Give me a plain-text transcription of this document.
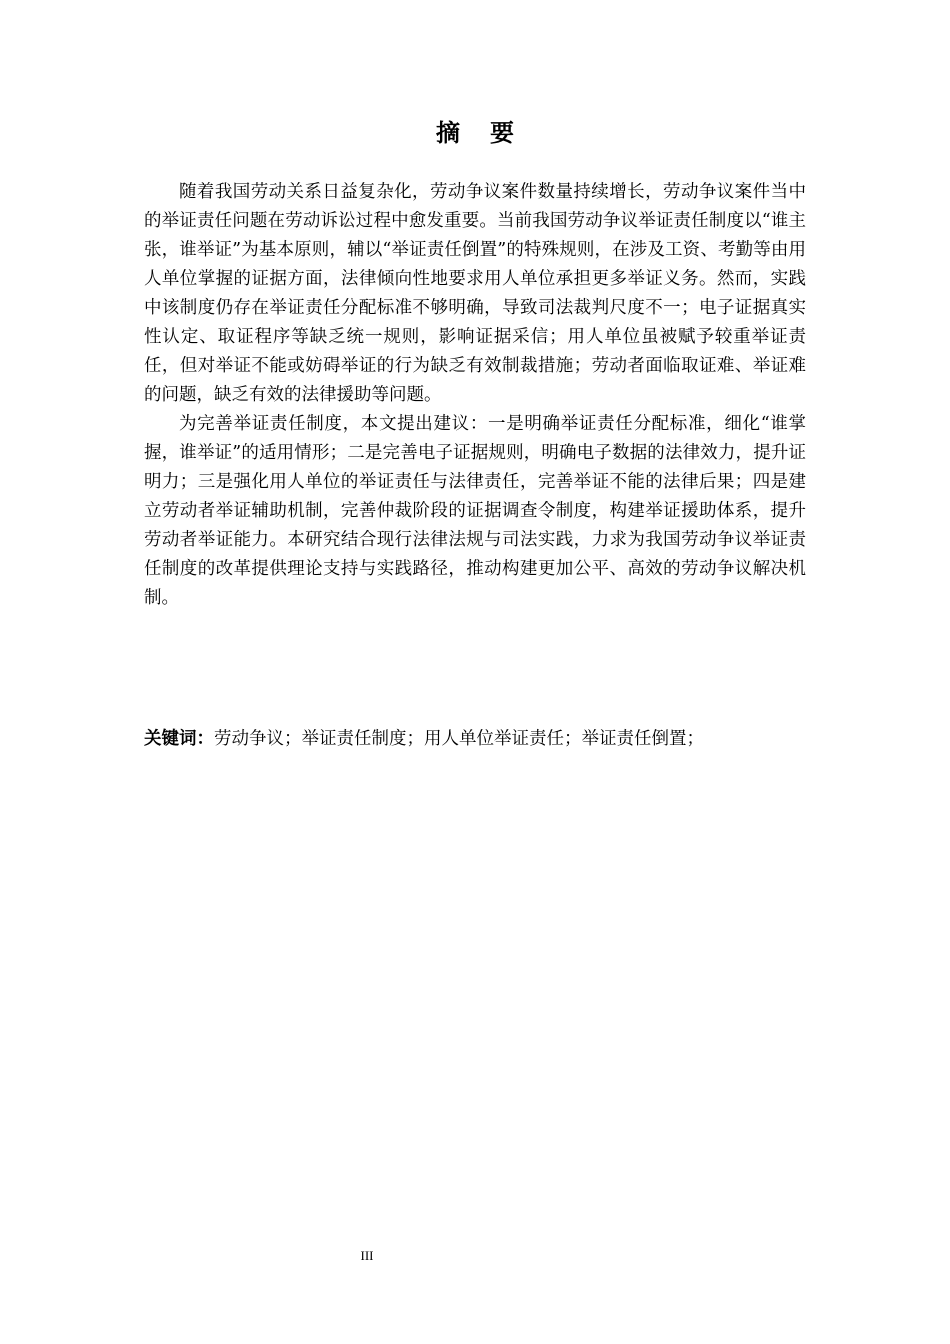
摘要

随着我国劳动关系日益复杂化，劳动争议案件数量持续增长，劳动争议案件当中的举证责任问题在劳动诉讼过程中愈发重要。当前我国劳动争议举证责任制度以“谁主张，谁举证”为基本原则，辅以“举证责任倒置”的特殊规则，在涉及工资、考勤等由用人单位掌握的证据方面，法律倾向性地要求用人单位承担更多举证义务。然而，实践中该制度仍存在举证责任分配标准不够明确，导致司法裁判尺度不一；电子证据真实性认定、取证程序等缺乏统一规则，影响证据采信；用人单位虽被赋予较重举证责任，但对举证不能或妨碍举证的行为缺乏有效制裁措施；劳动者面临取证难、举证难的问题，缺乏有效的法律援助等问题。

为完善举证责任制度，本文提出建议：一是明确举证责任分配标准，细化“谁掌握，谁举证”的适用情形；二是完善电子证据规则，明确电子数据的法律效力，提升证明力；三是强化用人单位的举证责任与法律责任，完善举证不能的法律后果；四是建立劳动者举证辅助机制，完善仲裁阶段的证据调查令制度，构建举证援助体系，提升劳动者举证能力。本研究结合现行法律法规与司法实践，力求为我国劳动争议举证责任制度的改革提供理论支持与实践路径，推动构建更加公平、高效的劳动争议解决机制。

关键词：劳动争议；举证责任制度；用人单位举证责任；举证责任倒置；
III
